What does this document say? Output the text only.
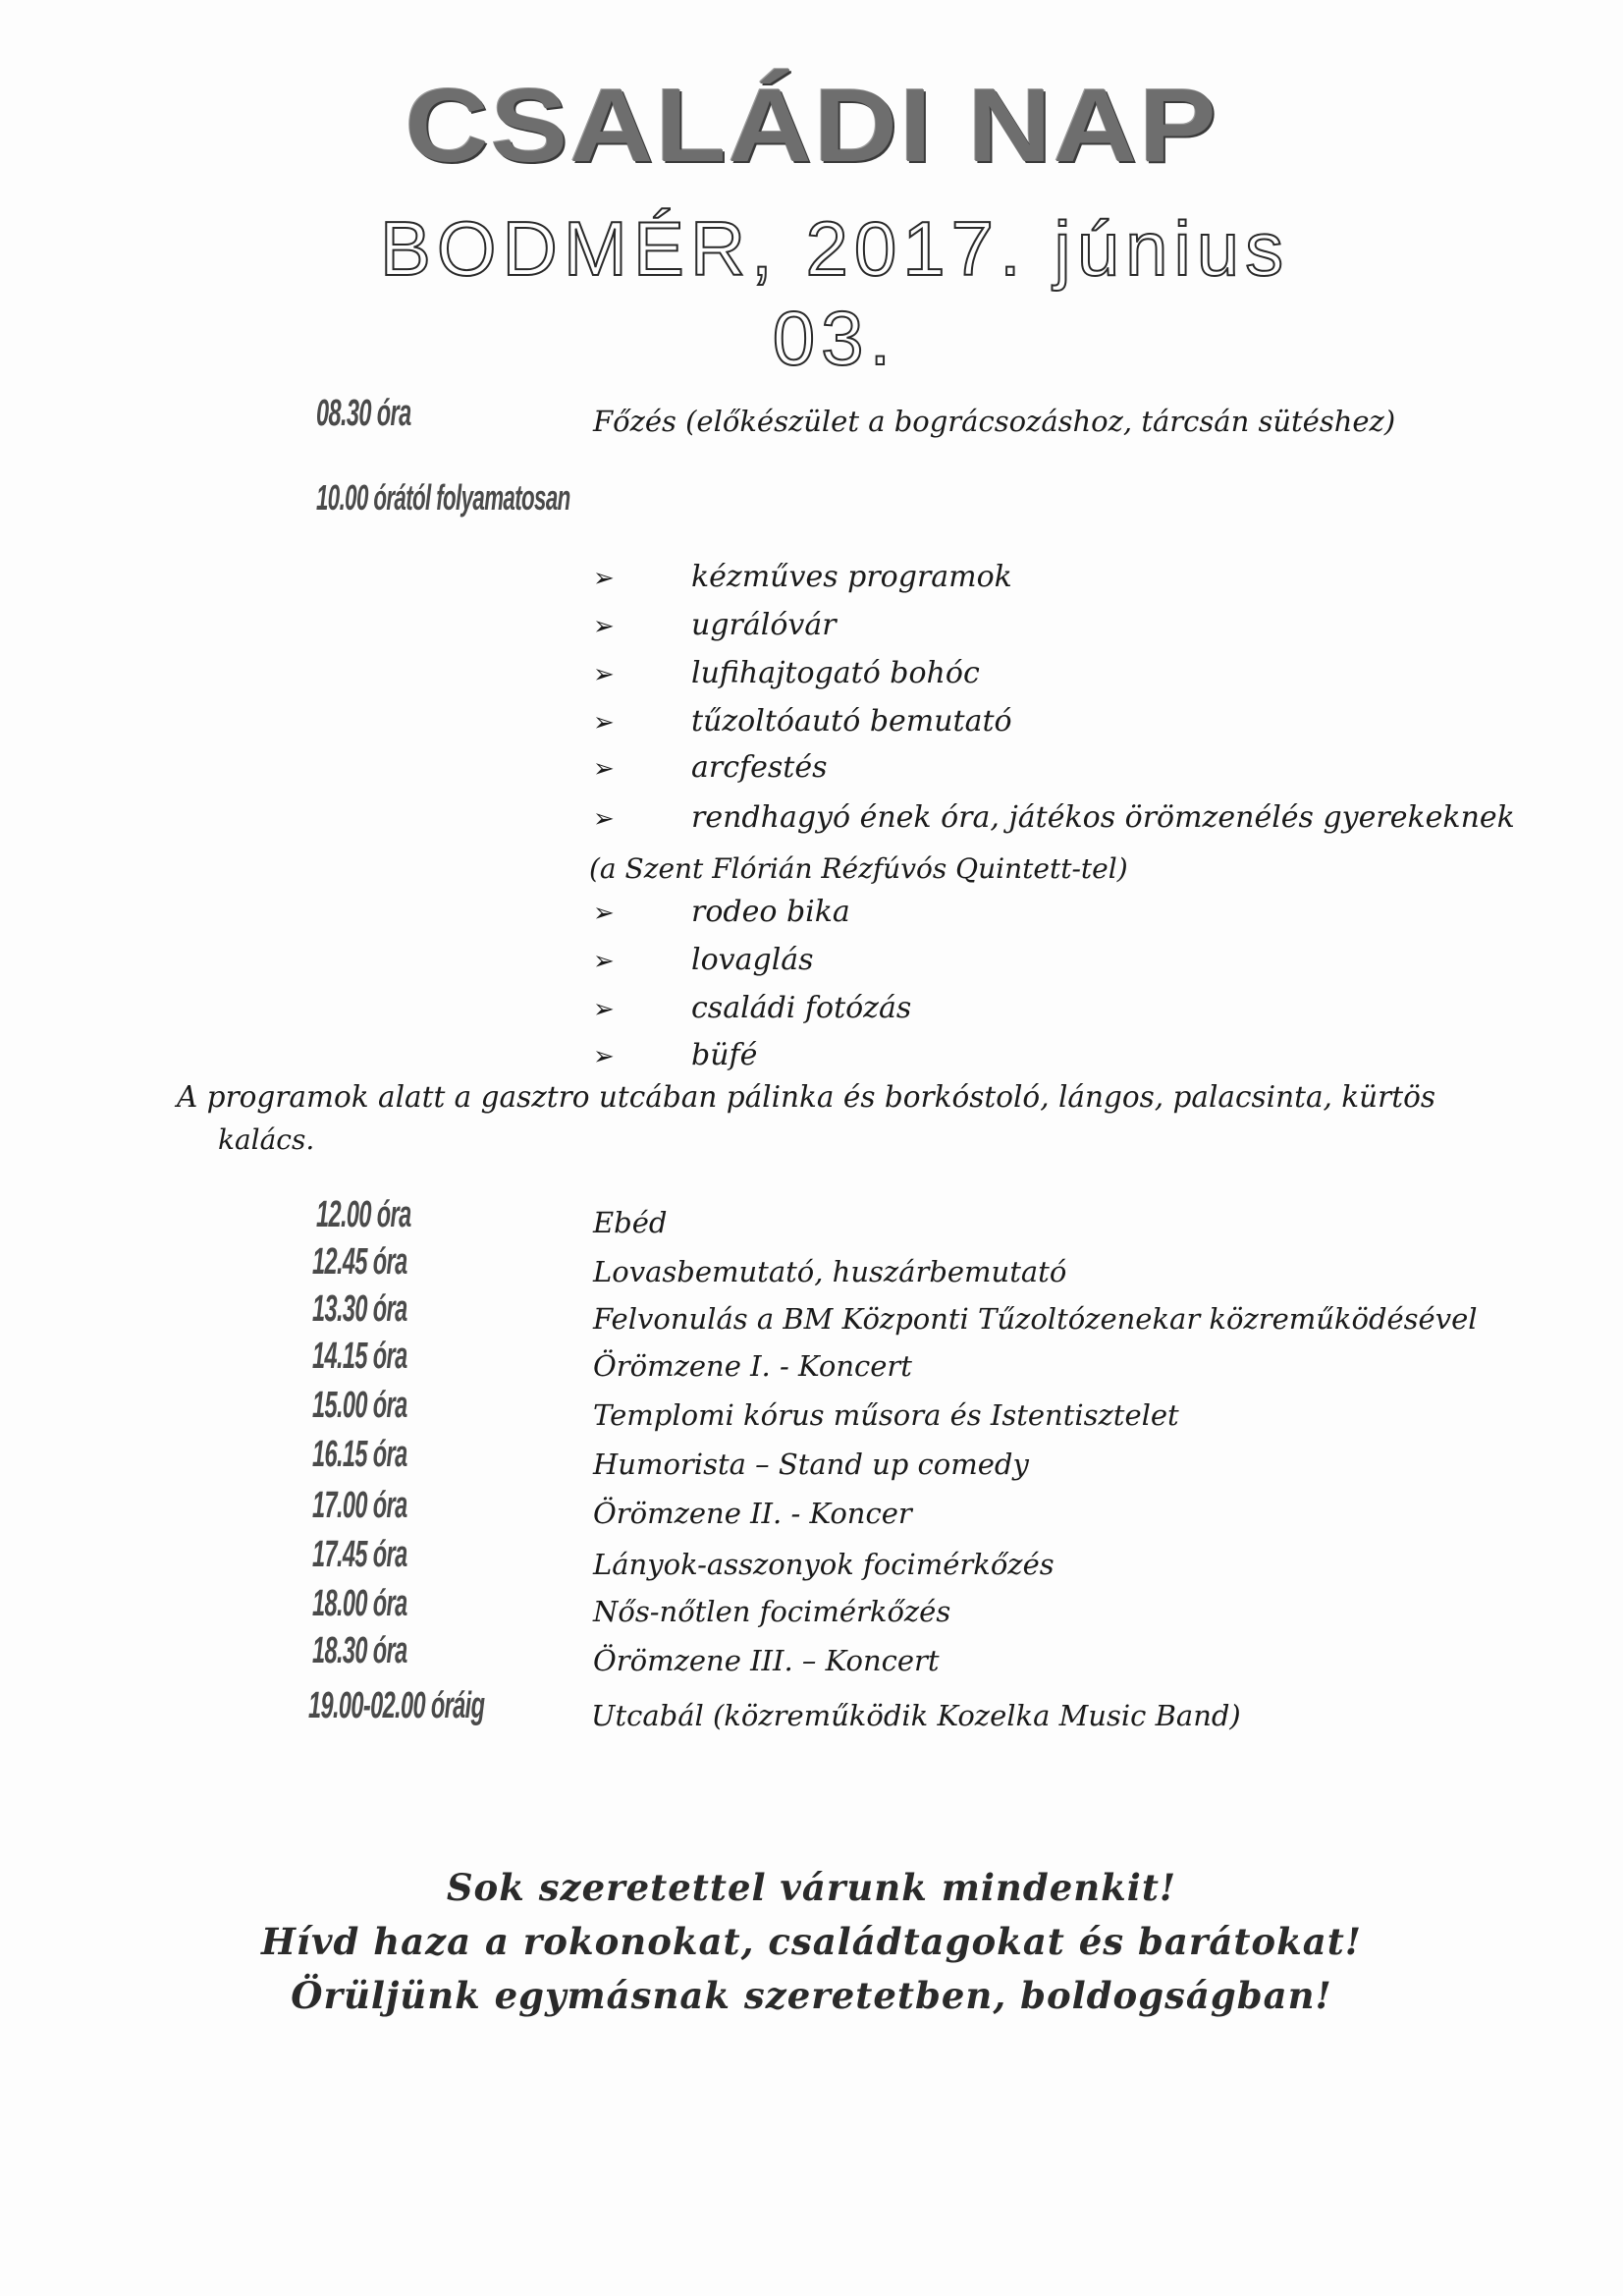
CSALÁDI NAP
BODMÉR, 2017. június 03.
08.30 óra	Főzés (előkészület a bográcsozáshoz, tárcsán sütéshez)
10.00 órától folyamatosan
➢	kézműves programok
➢	ugrálóvár
➢	lufihajtogató bohóc
➢	tűzoltóautó bemutató
➢	arcfestés
➢	rendhagyó ének óra, játékos örömzenélés gyerekeknek
(a Szent Flórián Rézfúvós Quintett-tel)
➢	rodeo bika
➢	lovaglás
➢	családi fotózás
➢	büfé
A programok alatt a gasztro utcában pálinka és borkóstoló, lángos, palacsinta, kürtös
kalács.
12.00 óra	Ebéd
12.45 óra	Lovasbemutató, huszárbemutató
13.30 óra	Felvonulás a BM Központi Tűzoltózenekar közreműködésével
14.15 óra	Örömzene I. - Koncert
15.00 óra	Templomi kórus műsora és Istentisztelet
16.15 óra	Humorista – Stand up comedy
17.00 óra	Örömzene II. - Koncer
17.45 óra	Lányok-asszonyok focimérkőzés
18.00 óra	Nős-nőtlen focimérkőzés
18.30 óra	Örömzene III. – Koncert
19.00-02.00 óráig	Utcabál (közreműködik Kozelka Music Band)
Sok szeretettel várunk mindenkit!
Hívd haza a rokonokat, családtagokat és barátokat!
Örüljünk egymásnak szeretetben, boldogságban!
